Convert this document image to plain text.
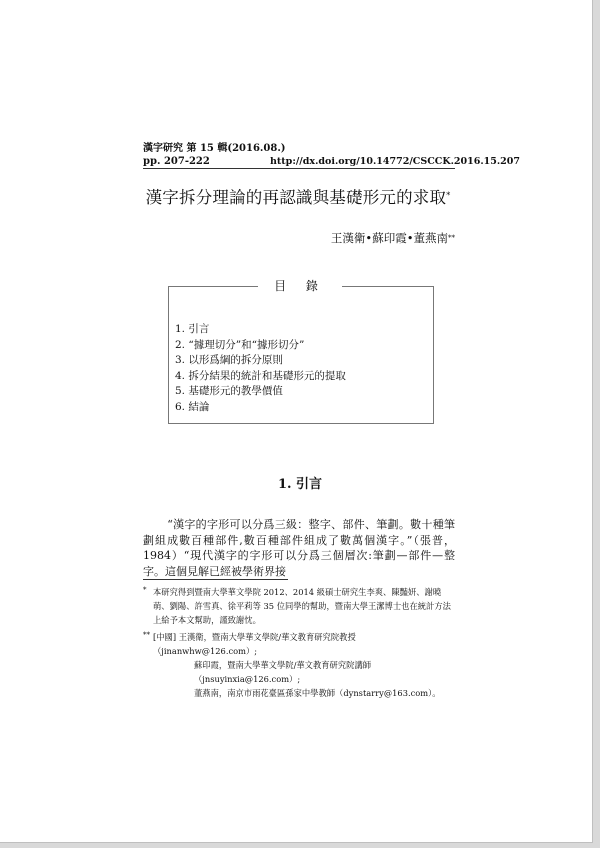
漢字研究 第 15 輯(2016.08.)
pp. 207-222	http://dx.doi.org/10.14772/CSCCK.2016.15.207
漢字拆分理論的再認識與基礎形元的求取*
王漢衛•蘇印霞•董燕南**
目 錄
1. 引言
2. “據理切分”和“據形切分”
3. 以形爲綱的拆分原則
4. 拆分結果的統計和基礎形元的提取
5. 基礎形元的教學價值
6. 結論
1. 引言
“漢字的字形可以分爲三級：整字、部件、筆劃。數十種筆劃組成數百種部件,數百種部件組成了數萬個漢字。”（張普，1984）“現代漢字的字形可以分爲三個層次:筆劃—部件—整字。這個見解已經被學術界接
* 本研究得到暨南大學華文學院 2012、2014 級碩士研究生李爽、陳豔妍、謝曉萌、劉陽、許雪真、徐平莉等 35 位同學的幫助，暨南大學王潔博士也在統計方法上給予本文幫助，謹致謝忱。
** [中國] 王漢衛，暨南大學華文學院/華文教育研究院教授（jinanwhw@126.com）;
蘇印霞，暨南大學華文學院/華文教育研究院講師（jnsuyinxia@126.com）;
董燕南，南京市雨花臺區孫家中學教師（dynstarry@163.com）。
